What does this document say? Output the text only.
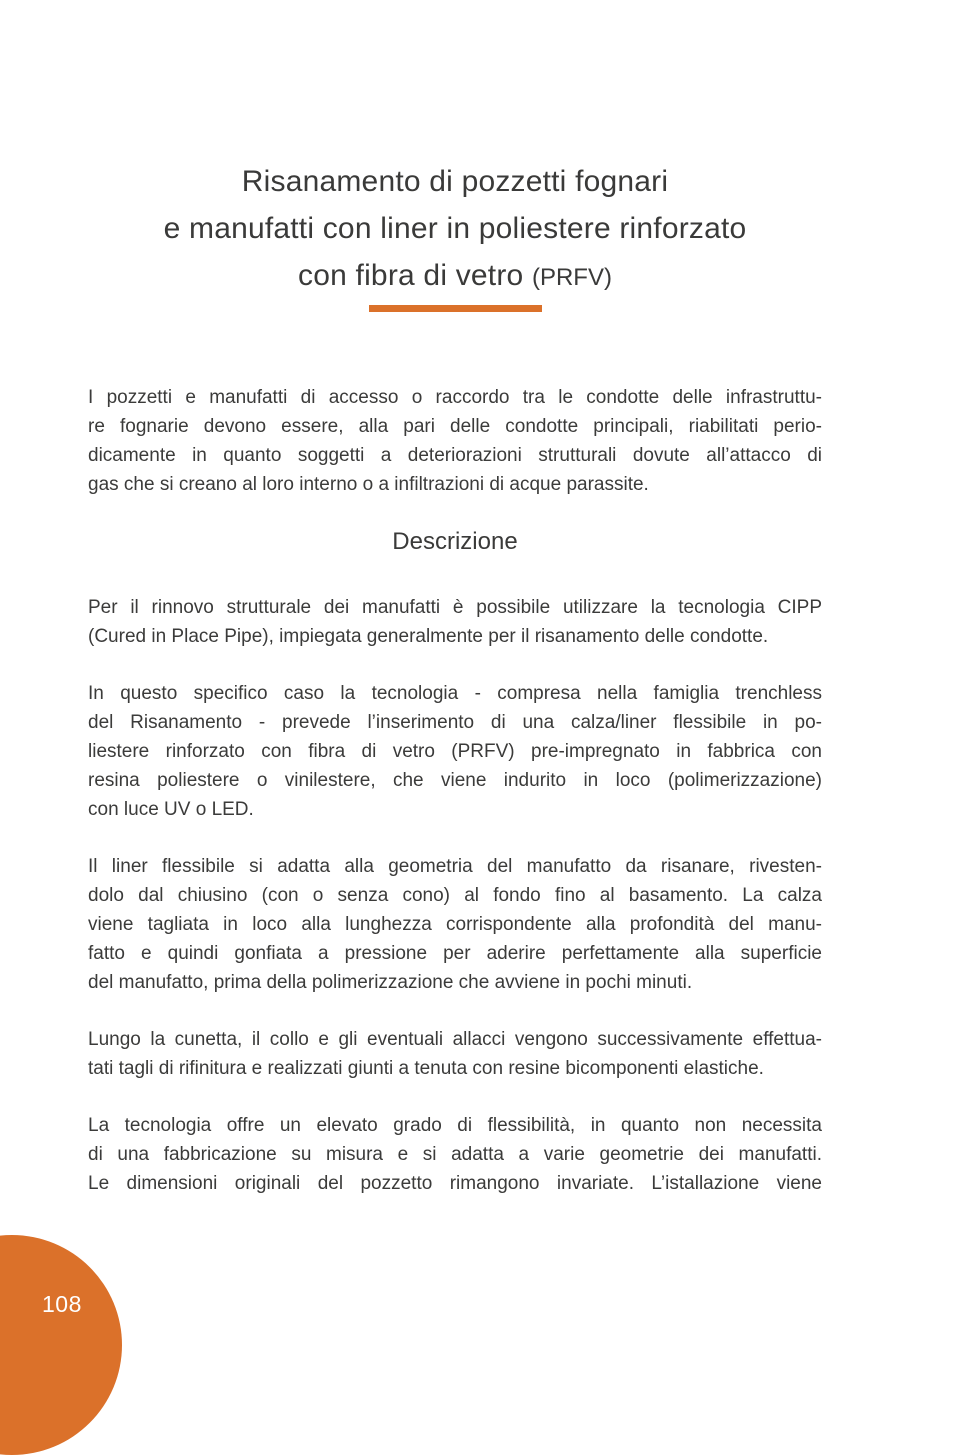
Risanamento di pozzetti fognari
e manufatti con liner in poliestere rinforzato
con fibra di vetro (PRFV)
I pozzetti e manufatti di accesso o raccordo tra le condotte delle infrastruttu-
re fognarie devono essere, alla pari delle condotte principali, riabilitati perio-
dicamente in quanto soggetti a deteriorazioni strutturali dovute all’attacco di
gas che si creano al loro interno o a infiltrazioni di acque parassite.
Descrizione
Per il rinnovo strutturale dei manufatti è possibile utilizzare la tecnologia CIPP
(Cured in Place Pipe), impiegata generalmente per il risanamento delle condotte.
In questo specifico caso la tecnologia - compresa nella famiglia trenchless
del Risanamento - prevede l’inserimento di una calza/liner flessibile in po-
liestere rinforzato con fibra di vetro (PRFV) pre-impregnato in fabbrica con
resina poliestere o vinilestere, che viene indurito in loco (polimerizzazione)
con luce UV o LED.
Il liner flessibile si adatta alla geometria del manufatto da risanare, rivesten-
dolo dal chiusino (con o senza cono) al fondo fino al basamento. La calza
viene tagliata in loco alla lunghezza corrispondente alla profondità del manu-
fatto e quindi gonfiata a pressione per aderire perfettamente alla superficie
del manufatto, prima della polimerizzazione che avviene in pochi minuti.
Lungo la cunetta, il collo e gli eventuali allacci vengono successivamente effettua-
tati tagli di rifinitura e realizzati giunti a tenuta con resine bicomponenti elastiche.
La tecnologia offre un elevato grado di flessibilità, in quanto non necessita
di una fabbricazione su misura e si adatta a varie geometrie dei manufatti.
Le dimensioni originali del pozzetto rimangono invariate. L’istallazione viene
108
